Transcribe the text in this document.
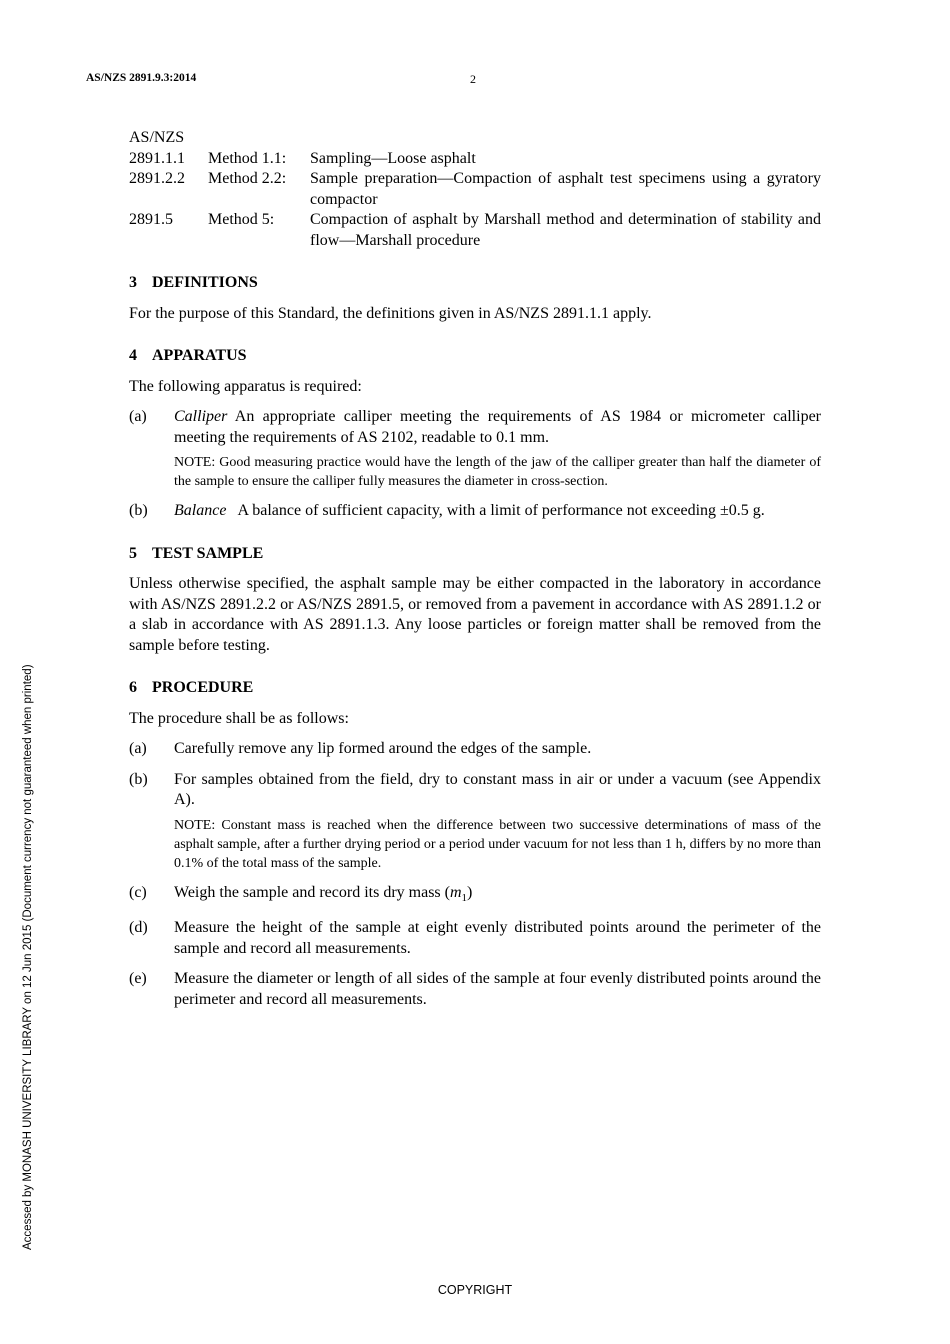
AS/NZS 2891.9.3:2014	2
AS/NZS
2891.1.1	Method 1.1:	Sampling—Loose asphalt
2891.2.2	Method 2.2:	Sample preparation—Compaction of asphalt test specimens using a gyratory compactor
2891.5	Method 5:	Compaction of asphalt by Marshall method and determination of stability and flow—Marshall procedure
3 DEFINITIONS

For the purpose of this Standard, the definitions given in AS/NZS 2891.1.1 apply.

4 APPARATUS

The following apparatus is required:

(a)	Calliper An appropriate calliper meeting the requirements of AS 1984 or micrometer calliper meeting the requirements of AS 2102, readable to 0.1 mm.
NOTE: Good measuring practice would have the length of the jaw of the calliper greater than half the diameter of the sample to ensure the calliper fully measures the diameter in cross-section.
(b)	Balance A balance of sufficient capacity, with a limit of performance not exceeding ±0.5 g.
5 TEST SAMPLE

Unless otherwise specified, the asphalt sample may be either compacted in the laboratory in accordance with AS/NZS 2891.2.2 or AS/NZS 2891.5, or removed from a pavement in accordance with AS 2891.1.2 or a slab in accordance with AS 2891.1.3. Any loose particles or foreign matter shall be removed from the sample before testing.

6 PROCEDURE

The procedure shall be as follows:

(a)	Carefully remove any lip formed around the edges of the sample.
(b)	For samples obtained from the field, dry to constant mass in air or under a vacuum (see Appendix A).
NOTE: Constant mass is reached when the difference between two successive determinations of mass of the asphalt sample, after a further drying period or a period under vacuum for not less than 1 h, differs by no more than 0.1% of the total mass of the sample.
(c)	Weigh the sample and record its dry mass $(m_1)$
(d)	Measure the height of the sample at eight evenly distributed points around the perimeter of the sample and record all measurements.
(e)	Measure the diameter or length of all sides of the sample at four evenly distributed points around the perimeter and record all measurements.
Accessed by MONASH UNIVERSITY LIBRARY on 12 Jun 2015 (Document currency not guaranteed when printed)
COPYRIGHT
